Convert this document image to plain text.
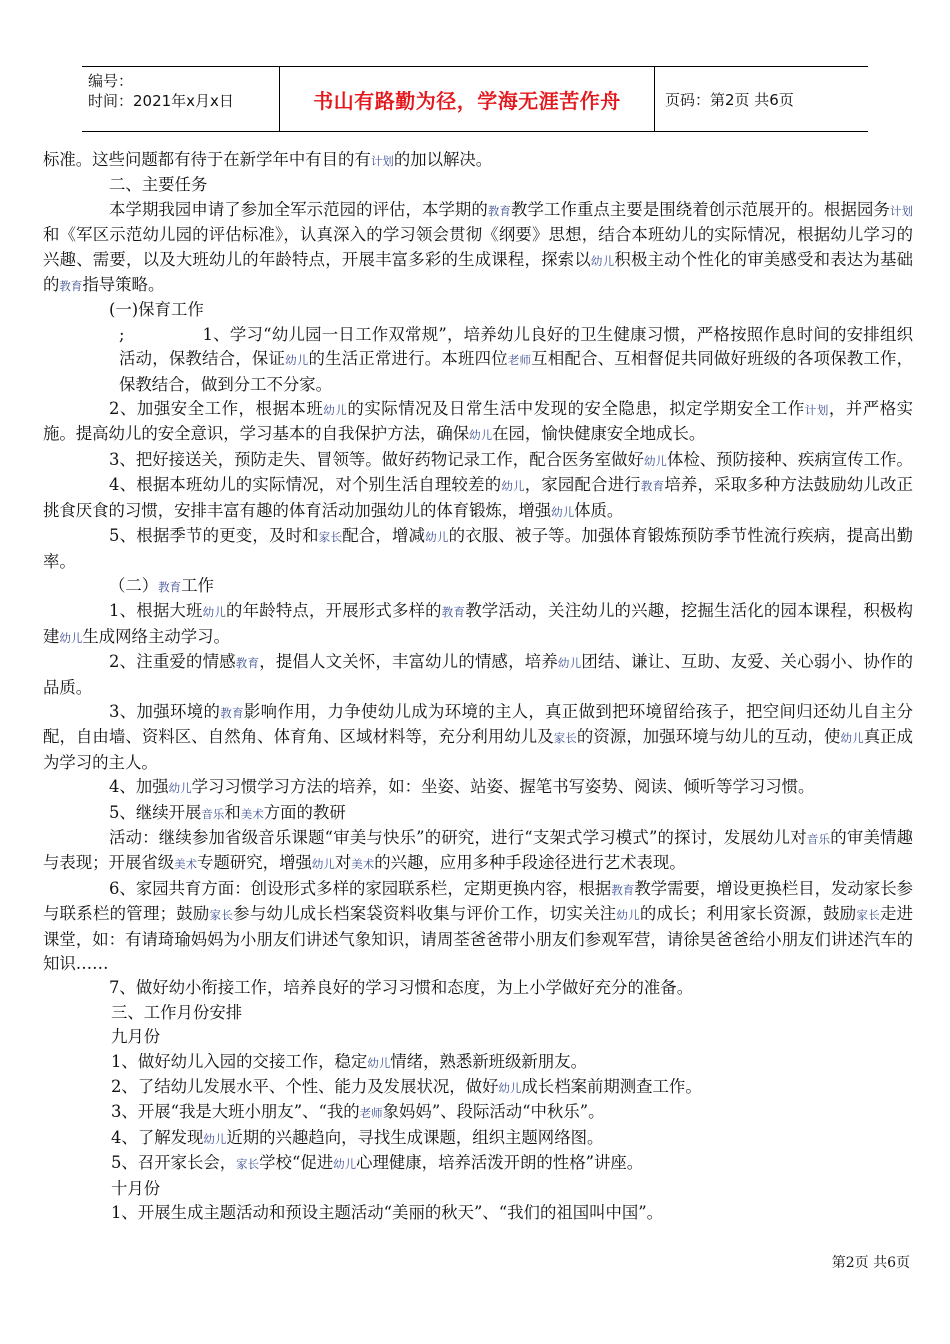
编号：
时间：2021年x月x日	书山有路勤为径，学海无涯苦作舟	页码：第2页 共6页

标准。这些问题都有待于在新学年中有目的有计划的加以解决。

二、主要任务

本学期我园申请了参加全军示范园的评估，本学期的教育教学工作重点主要是围绕着创示范展开的。根据园务计划和《军区示范幼儿园的评估标准》，认真深入的学习领会贯彻《纲要》思想，结合本班幼儿的实际情况，根据幼儿学习的兴趣、需要，以及大班幼儿的年龄特点，开展丰富多彩的生成课程，探索以幼儿积极主动个性化的审美感受和表达为基础的教育指导策略。

(一)保育工作

;	1、学习“幼儿园一日工作双常规”，培养幼儿良好的卫生健康习惯，严格按照作息时间的安排组织活动，保教结合，保证幼儿的生活正常进行。本班四位老师互相配合、互相督促共同做好班级的各项保教工作，保教结合，做到分工不分家。

2、加强安全工作，根据本班幼儿的实际情况及日常生活中发现的安全隐患，拟定学期安全工作计划，并严格实施。提高幼儿的安全意识，学习基本的自我保护方法，确保幼儿在园，愉快健康安全地成长。

3、把好接送关，预防走失、冒领等。做好药物记录工作，配合医务室做好幼儿体检、预防接种、疾病宣传工作。

4、根据本班幼儿的实际情况，对个别生活自理较差的幼儿，家园配合进行教育培养，采取多种方法鼓励幼儿改正挑食厌食的习惯，安排丰富有趣的体育活动加强幼儿的体育锻炼，增强幼儿体质。

5、根据季节的更变，及时和家长配合，增减幼儿的衣服、被子等。加强体育锻炼预防季节性流行疾病，提高出勤率。

（二）教育工作

1、根据大班幼儿的年龄特点，开展形式多样的教育教学活动，关注幼儿的兴趣，挖掘生活化的园本课程，积极构建幼儿生成网络主动学习。

2、注重爱的情感教育，提倡人文关怀，丰富幼儿的情感，培养幼儿团结、谦让、互助、友爱、关心弱小、协作的品质。

3、加强环境的教育影响作用，力争使幼儿成为环境的主人，真正做到把环境留给孩子，把空间归还幼儿自主分配，自由墙、资料区、自然角、体育角、区域材料等，充分利用幼儿及家长的资源，加强环境与幼儿的互动，使幼儿真正成为学习的主人。

4、加强幼儿学习习惯学习方法的培养，如：坐姿、站姿、握笔书写姿势、阅读、倾听等学习习惯。

5、继续开展音乐和美术方面的教研

活动：继续参加省级音乐课题“审美与快乐”的研究，进行“支架式学习模式”的探讨，发展幼儿对音乐的审美情趣与表现；开展省级美术专题研究，增强幼儿对美术的兴趣，应用多种手段途径进行艺术表现。

6、家园共育方面：创设形式多样的家园联系栏，定期更换内容，根据教育教学需要，增设更换栏目，发动家长参与联系栏的管理；鼓励家长参与幼儿成长档案袋资料收集与评价工作，切实关注幼儿的成长；利用家长资源，鼓励家长走进课堂，如：有请琦瑜妈妈为小朋友们讲述气象知识，请周荃爸爸带小朋友们参观军营，请徐昊爸爸给小朋友们讲述汽车的知识……

7、做好幼小衔接工作，培养良好的学习习惯和态度，为上小学做好充分的准备。

三、工作月份安排

九月份

1、做好幼儿入园的交接工作，稳定幼儿情绪，熟悉新班级新朋友。

2、了结幼儿发展水平、个性、能力及发展状况，做好幼儿成长档案前期测查工作。

3、开展“我是大班小朋友”、“我的老师象妈妈”、段际活动“中秋乐”。

4、了解发现幼儿近期的兴趣趋向，寻找生成课题，组织主题网络图。

5、召开家长会，家长学校“促进幼儿心理健康，培养活泼开朗的性格”讲座。

十月份

1、开展生成主题活动和预设主题活动“美丽的秋天”、“我们的祖国叫中国”。

第2页 共6页
